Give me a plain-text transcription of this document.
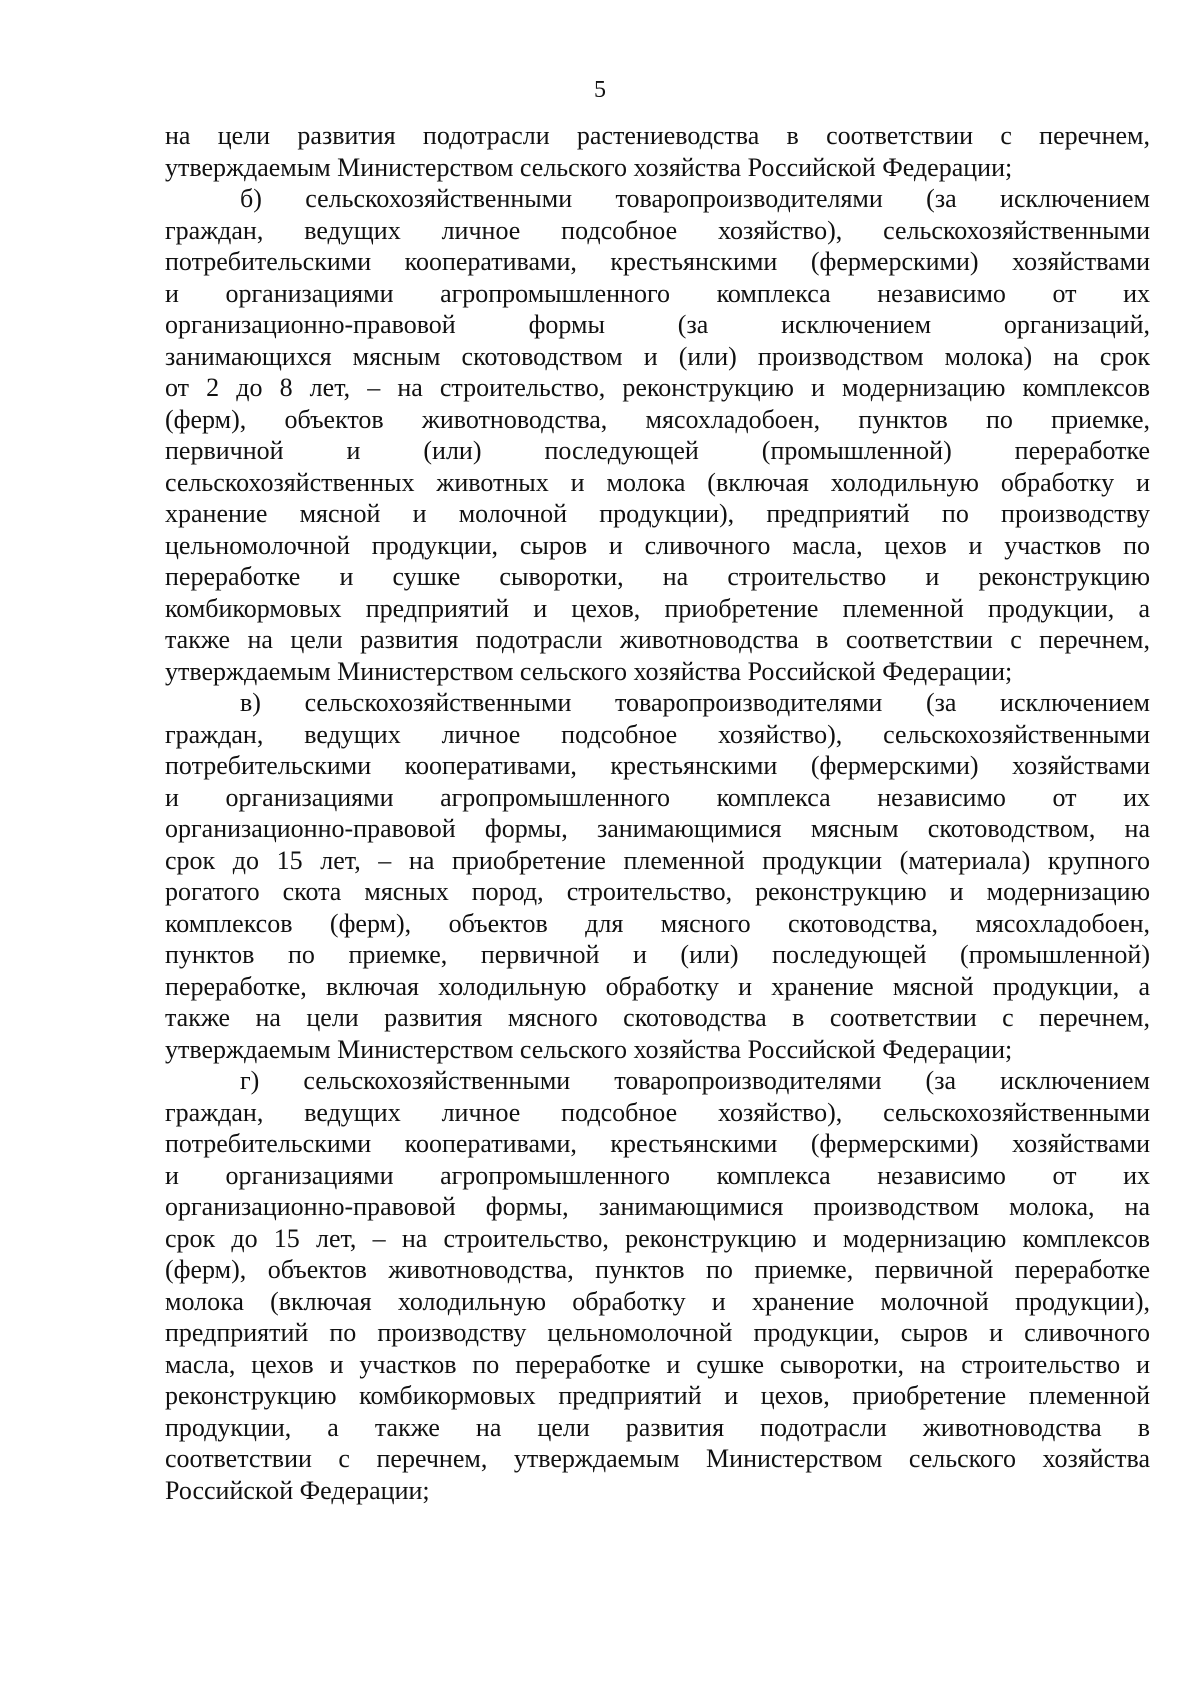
5
на цели развития подотрасли растениеводства в соответствии с перечнем,
утверждаемым Министерством сельского хозяйства Российской Федерации;
б) сельскохозяйственными товаропроизводителями (за исключением
граждан, ведущих личное подсобное хозяйство), сельскохозяйственными
потребительскими кооперативами, крестьянскими (фермерскими) хозяйствами
и организациями агропромышленного комплекса независимо от их
организационно-правовой формы (за исключением организаций,
занимающихся мясным скотоводством и (или) производством молока) на срок
от 2 до 8 лет, – на строительство, реконструкцию и модернизацию комплексов
(ферм), объектов животноводства, мясохладобоен, пунктов по приемке,
первичной и (или) последующей (промышленной) переработке
сельскохозяйственных животных и молока (включая холодильную обработку и
хранение мясной и молочной продукции), предприятий по производству
цельномолочной продукции, сыров и сливочного масла, цехов и участков по
переработке и сушке сыворотки, на строительство и реконструкцию
комбикормовых предприятий и цехов, приобретение племенной продукции, а
также на цели развития подотрасли животноводства в соответствии с перечнем,
утверждаемым Министерством сельского хозяйства Российской Федерации;
в) сельскохозяйственными товаропроизводителями (за исключением
граждан, ведущих личное подсобное хозяйство), сельскохозяйственными
потребительскими кооперативами, крестьянскими (фермерскими) хозяйствами
и организациями агропромышленного комплекса независимо от их
организационно-правовой формы, занимающимися мясным скотоводством, на
срок до 15 лет, – на приобретение племенной продукции (материала) крупного
рогатого скота мясных пород, строительство, реконструкцию и модернизацию
комплексов (ферм), объектов для мясного скотоводства, мясохладобоен,
пунктов по приемке, первичной и (или) последующей (промышленной)
переработке, включая холодильную обработку и хранение мясной продукции, а
также на цели развития мясного скотоводства в соответствии с перечнем,
утверждаемым Министерством сельского хозяйства Российской Федерации;
г) сельскохозяйственными товаропроизводителями (за исключением
граждан, ведущих личное подсобное хозяйство), сельскохозяйственными
потребительскими кооперативами, крестьянскими (фермерскими) хозяйствами
и организациями агропромышленного комплекса независимо от их
организационно-правовой формы, занимающимися производством молока, на
срок до 15 лет, – на строительство, реконструкцию и модернизацию комплексов
(ферм), объектов животноводства, пунктов по приемке, первичной переработке
молока (включая холодильную обработку и хранение молочной продукции),
предприятий по производству цельномолочной продукции, сыров и сливочного
масла, цехов и участков по переработке и сушке сыворотки, на строительство и
реконструкцию комбикормовых предприятий и цехов, приобретение племенной
продукции, а также на цели развития подотрасли животноводства в
соответствии с перечнем, утверждаемым Министерством сельского хозяйства
Российской Федерации;
